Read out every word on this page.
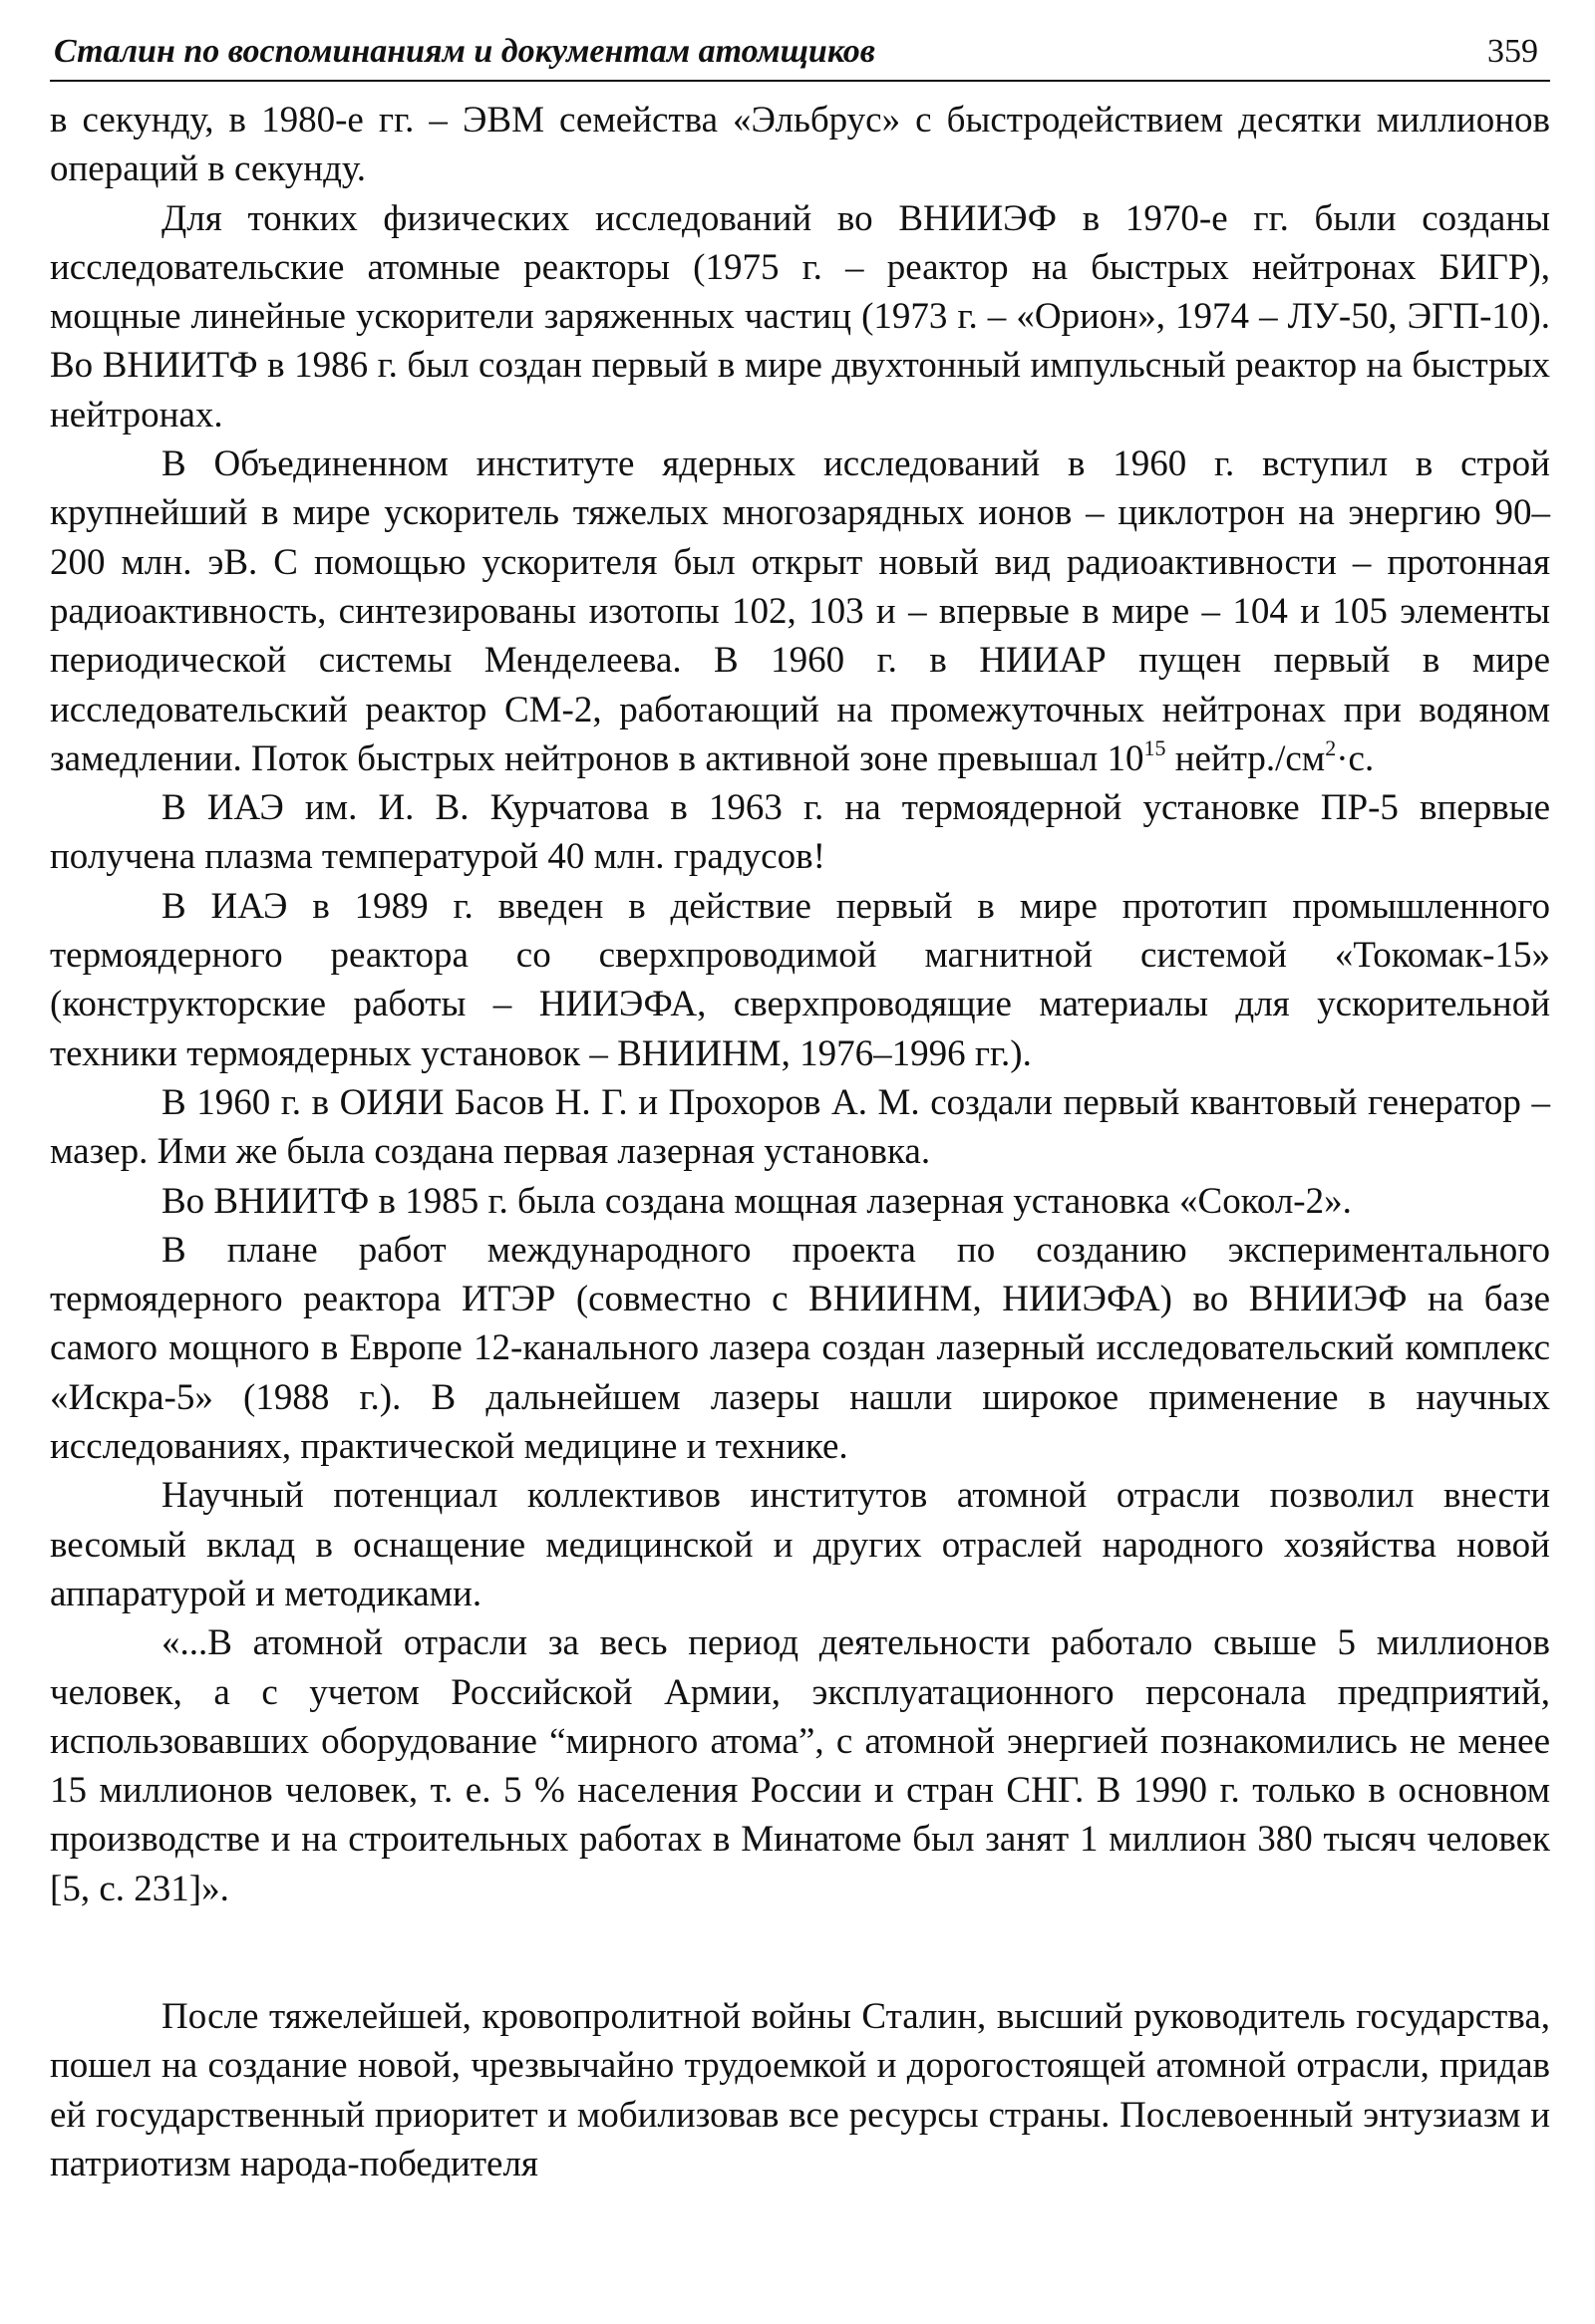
Сталин по воспоминаниям и документам атомщиков	359

в секунду, в 1980-е гг. – ЭВМ семейства «Эльбрус» с быстродействием десятки миллионов операций в секунду.

Для тонких физических исследований во ВНИИЭФ в 1970-е гг. были созданы исследовательские атомные реакторы (1975 г. – реактор на быстрых нейтронах БИГР), мощные линейные ускорители заряженных частиц (1973 г. – «Орион», 1974 – ЛУ-50, ЭГП-10). Во ВНИИТФ в 1986 г. был создан первый в мире двухтонный импульсный реактор на быстрых нейтронах.

В Объединенном институте ядерных исследований в 1960 г. вступил в строй крупнейший в мире ускоритель тяжелых многозарядных ионов – циклотрон на энергию 90–200 млн. эВ. С помощью ускорителя был открыт новый вид радиоактивности – протонная радиоактивность, синтезированы изотопы 102, 103 и – впервые в мире – 104 и 105 элементы периодической системы Менделеева. В 1960 г. в НИИАР пущен первый в мире исследовательский реактор СМ-2, работающий на промежуточных нейтронах при водяном замедлении. Поток быстрых нейтронов в активной зоне превышал $10^{15}$ $нейтр./см^2\cdot с$.

В ИАЭ им. И. В. Курчатова в 1963 г. на термоядерной установке ПР-5 впервые получена плазма температурой 40 млн. градусов!

В ИАЭ в 1989 г. введен в действие первый в мире прототип промышленного термоядерного реактора со сверхпроводимой магнитной системой «Токомак-15» (конструкторские работы – НИИЭФА, сверхпроводящие материалы для ускорительной техники термоядерных установок – ВНИИНМ, 1976–1996 гг.).

В 1960 г. в ОИЯИ Басов Н. Г. и Прохоров А. М. создали первый квантовый генератор – мазер. Ими же была создана первая лазерная установка.

Во ВНИИТФ в 1985 г. была создана мощная лазерная установка «Сокол-2».

В плане работ международного проекта по созданию экспериментального термоядерного реактора ИТЭР (совместно с ВНИИНМ, НИИЭФА) во ВНИИЭФ на базе самого мощного в Европе 12-канального лазера создан лазерный исследовательский комплекс «Искра-5» (1988 г.). В дальнейшем лазеры нашли широкое применение в научных исследованиях, практической медицине и технике.

Научный потенциал коллективов институтов атомной отрасли позволил внести весомый вклад в оснащение медицинской и других отраслей народного хозяйства новой аппаратурой и методиками.

«...В атомной отрасли за весь период деятельности работало свыше 5 миллионов человек, а с учетом Российской Армии, эксплуатационного персонала предприятий, использовавших оборудование “мирного атома”, с атомной энергией познакомились не менее 15 миллионов человек, т. е. 5 % населения России и стран СНГ. В 1990 г. только в основном производстве и на строительных работах в Минатоме был занят 1 миллион 380 тысяч человек [5, с. 231]».

После тяжелейшей, кровопролитной войны Сталин, высший руководитель государства, пошел на создание новой, чрезвычайно трудоемкой и дорогостоящей атомной отрасли, придав ей государственный приоритет и мобилизовав все ресурсы страны. Послевоенный энтузиазм и патриотизм народа-победителя
